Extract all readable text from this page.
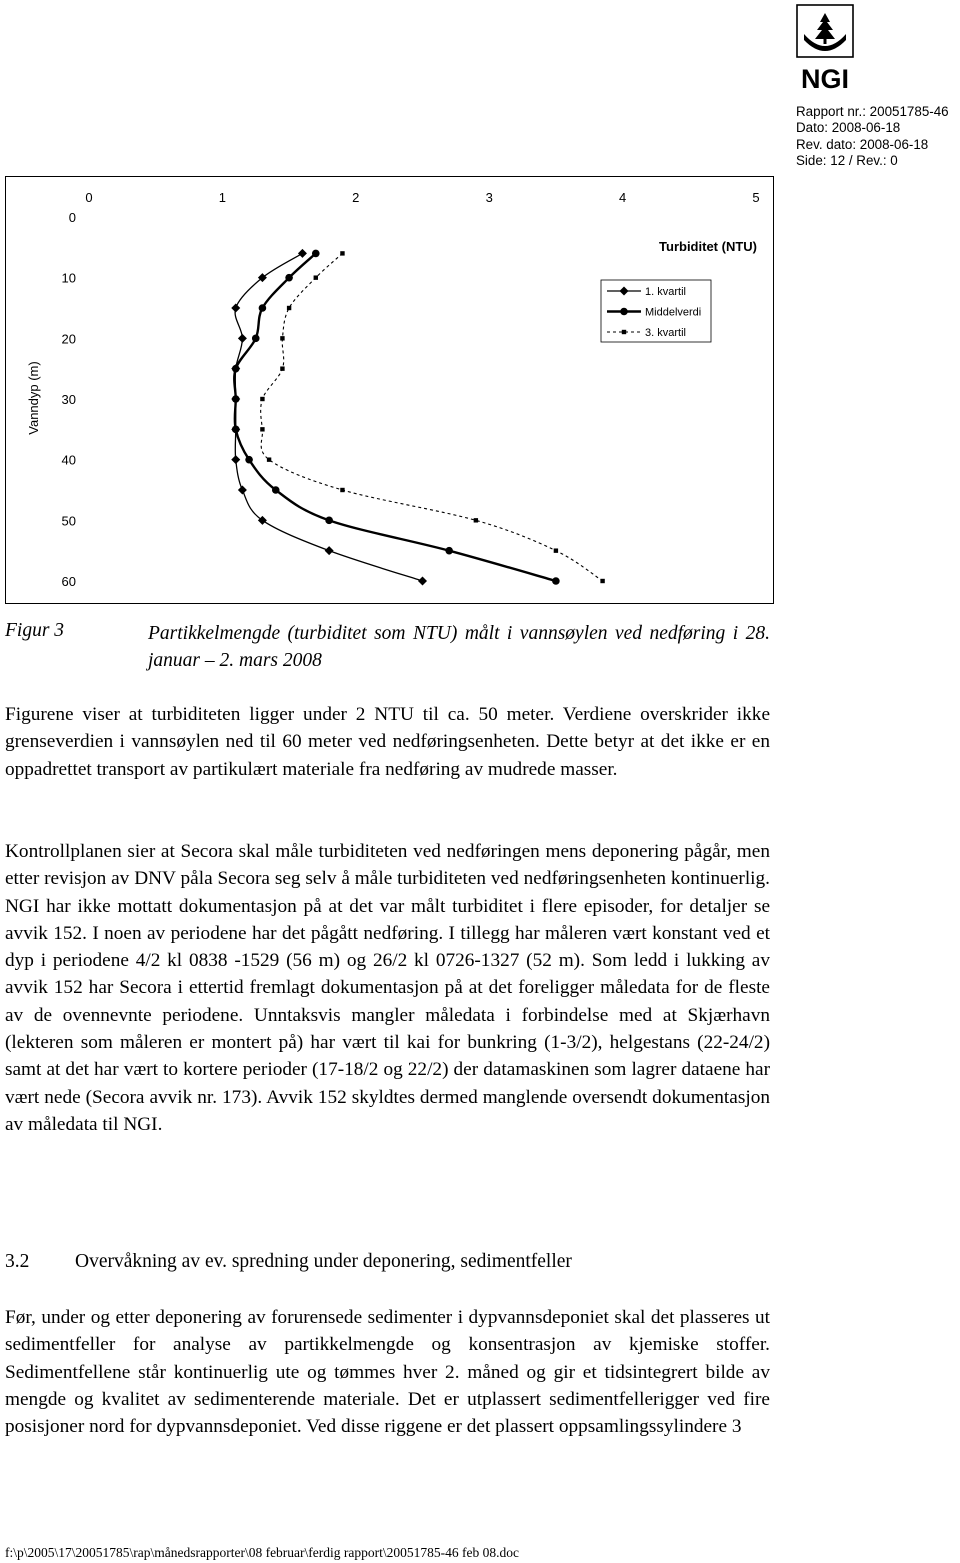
NGI
Rapport nr.: 20051785-46
Dato: 2008-06-18
Rev. dato: 2008-06-18
Side: 12 / Rev.: 0
0
10
20
30
40
50
60
0	1	2	3	4	5
Vanndyp (m)
Turbiditet (NTU)
1. kvartil
Middelverdi
3. kvartil
Figur 3	Partikkelmengde (turbiditet som NTU) målt i vannsøylen ved nedføring i 28. januar – 2. mars 2008
Figurene viser at turbiditeten ligger under 2 NTU til ca. 50 meter. Verdiene overskrider ikke grenseverdien i vannsøylen ned til 60 meter ved nedføringsenheten. Dette betyr at det ikke er en oppadrettet transport av partikulært materiale fra nedføring av mudrede masser.
Kontrollplanen sier at Secora skal måle turbiditeten ved nedføringen mens deponering pågår, men etter revisjon av DNV påla Secora seg selv å måle turbiditeten ved nedføringsenheten kontinuerlig. NGI har ikke mottatt dokumentasjon på at det var målt turbiditet i flere episoder, for detaljer se avvik 152. I noen av periodene har det pågått nedføring. I tillegg har måleren vært konstant ved et dyp i periodene 4/2 kl 0838 -1529 (56 m) og 26/2 kl 0726-1327 (52 m). Som ledd i lukking av avvik 152 har Secora i ettertid fremlagt dokumentasjon på at det foreligger måledata for de fleste av de ovennevnte periodene. Unntaksvis mangler måledata i forbindelse med at Skjærhavn (lekteren som måleren er montert på) har vært til kai for bunkring (1-3/2), helgestans (22-24/2) samt at det har vært to kortere perioder (17-18/2 og 22/2) der datamaskinen som lagrer dataene har vært nede (Secora avvik nr. 173). Avvik 152 skyldtes dermed manglende oversendt dokumentasjon av måledata til NGI.
3.2 Overvåkning av ev. spredning under deponering, sedimentfeller
Før, under og etter deponering av forurensede sedimenter i dypvannsdeponiet skal det plasseres ut sedimentfeller for analyse av partikkelmengde og konsentrasjon av kjemiske stoffer. Sedimentfellene står kontinuerlig ute og tømmes hver 2. måned og gir et tidsintegrert bilde av mengde og kvalitet av sedimenterende materiale. Det er utplassert sedimentfellerigger ved fire posisjoner nord for dypvannsdeponiet. Ved disse riggene er det plassert oppsamlingssylindere 3
f:\p\2005\17\20051785\rap\månedsrapporter\08 februar\ferdig rapport\20051785-46 feb 08.doc
